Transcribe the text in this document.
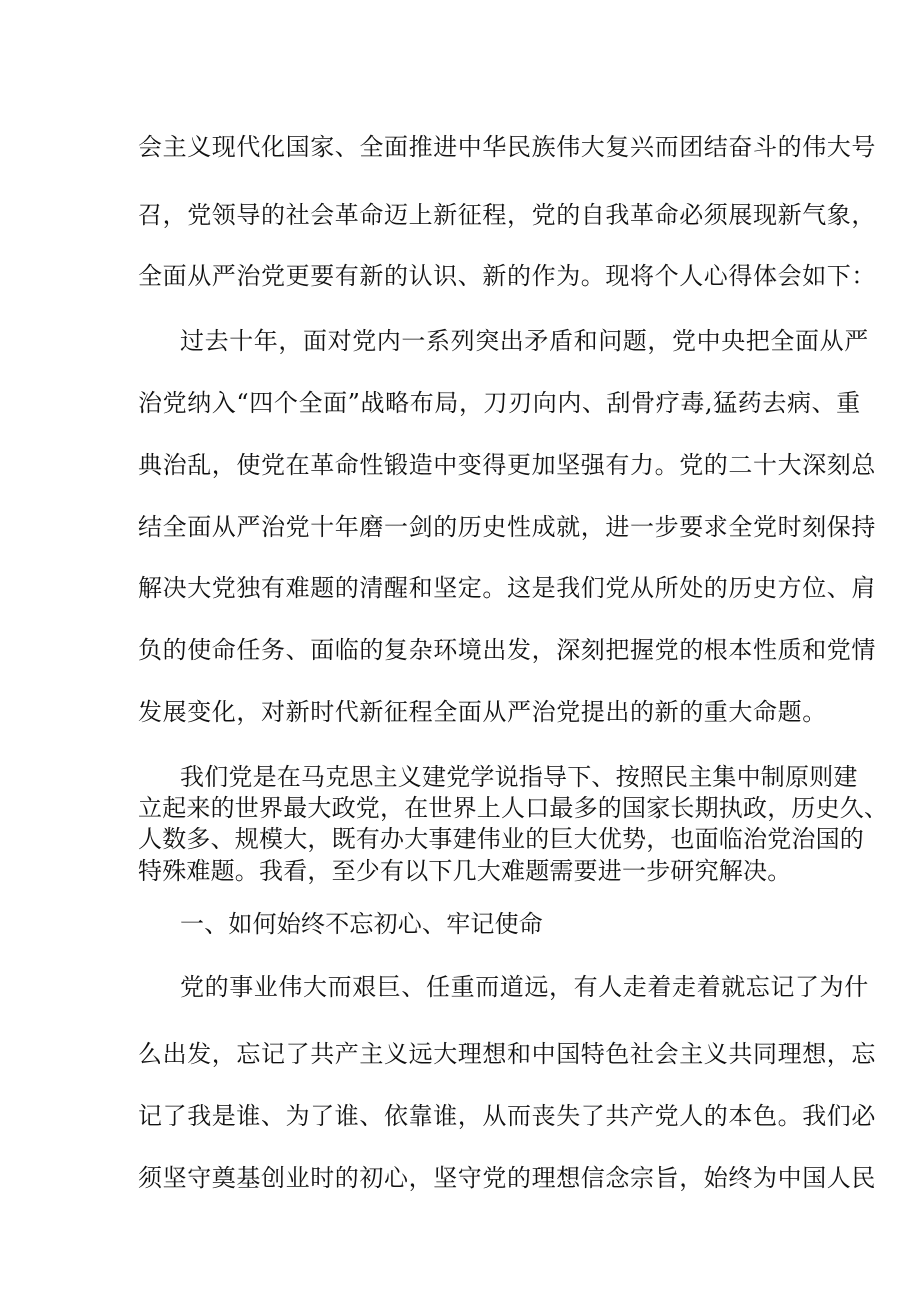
会主义现代化国家、全面推进中华民族伟大复兴而团结奋斗的伟大号
召，党领导的社会革命迈上新征程，党的自我革命必须展现新气象，
全面从严治党更要有新的认识、新的作为。现将个人心得体会如下：
过去十年，面对党内一系列突出矛盾和问题，党中央把全面从严
治党纳入“四个全面”战略布局，刀刃向内、刮骨疗毒,猛药去病、重
典治乱，使党在革命性锻造中变得更加坚强有力。党的二十大深刻总
结全面从严治党十年磨一剑的历史性成就，进一步要求全党时刻保持
解决大党独有难题的清醒和坚定。这是我们党从所处的历史方位、肩
负的使命任务、面临的复杂环境出发，深刻把握党的根本性质和党情
发展变化，对新时代新征程全面从严治党提出的新的重大命题。
我们党是在马克思主义建党学说指导下、按照民主集中制原则建
立起来的世界最大政党，在世界上人口最多的国家长期执政，历史久、
人数多、规模大，既有办大事建伟业的巨大优势，也面临治党治国的
特殊难题。我看，至少有以下几大难题需要进一步研究解决。
一、如何始终不忘初心、牢记使命
党的事业伟大而艰巨、任重而道远，有人走着走着就忘记了为什
么出发，忘记了共产主义远大理想和中国特色社会主义共同理想，忘
记了我是谁、为了谁、依靠谁，从而丧失了共产党人的本色。我们必
须坚守奠基创业时的初心，坚守党的理想信念宗旨，始终为中国人民
